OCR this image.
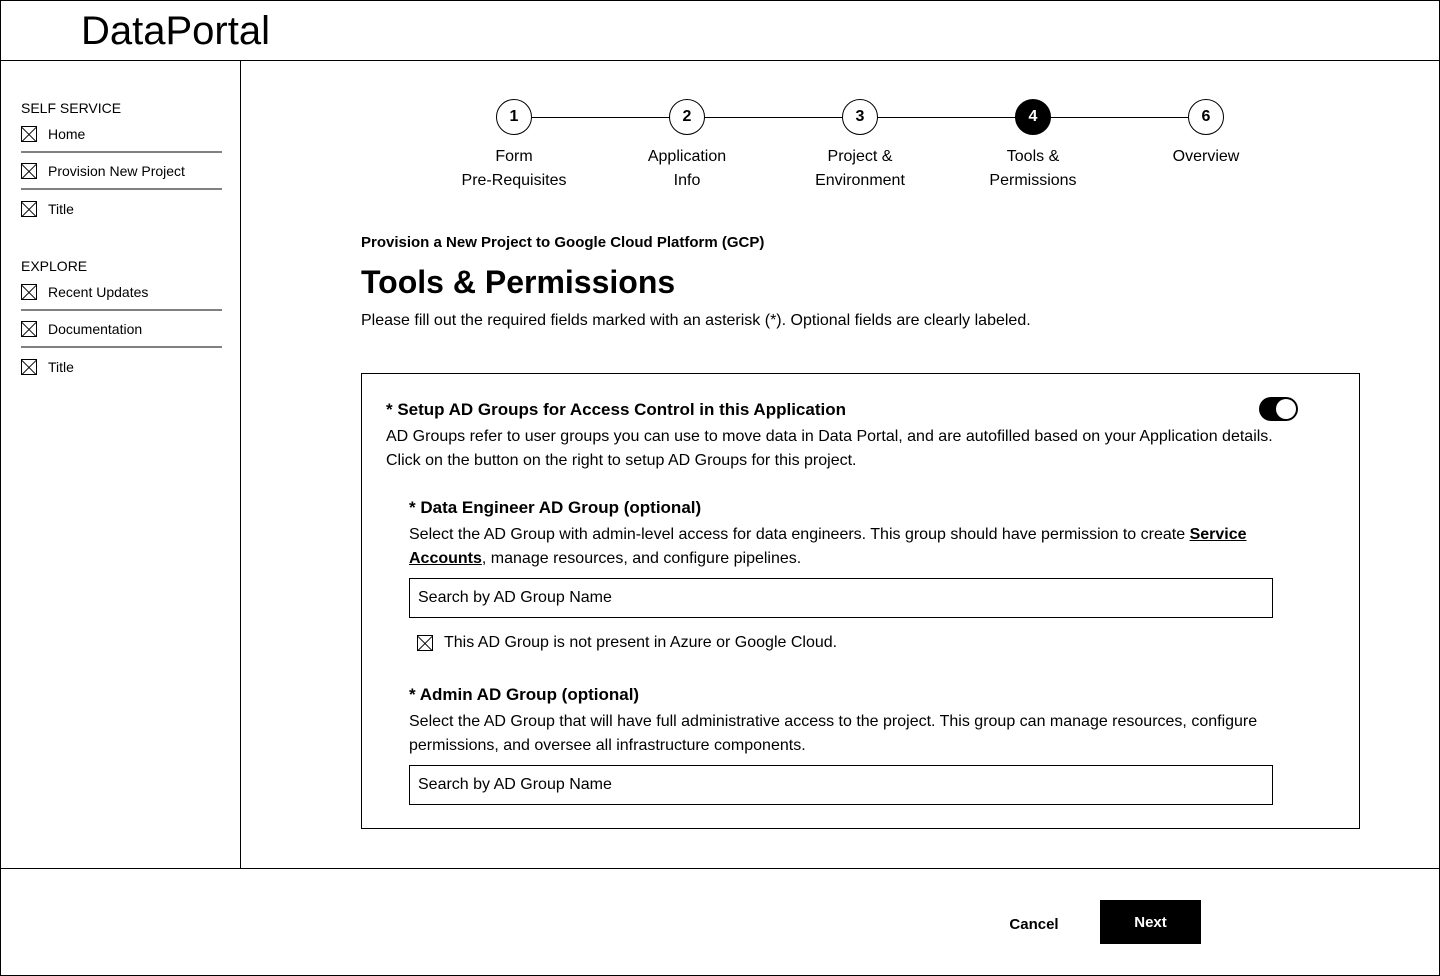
DataPortal
SELF SERVICE
Home
Provision New Project
Title
EXPLORE
Recent Updates
Documentation
Title
1
Form
Pre-Requisites
2
Application
Info
3
Project &
Environment
4
Tools &
Permissions
6
Overview
Provision a New Project to Google Cloud Platform (GCP)
Tools & Permissions
Please fill out the required fields marked with an asterisk (*). Optional fields are clearly labeled.
* Setup AD Groups for Access Control in this Application
AD Groups refer to user groups you can use to move data in Data Portal, and are autofilled based on your Application details. Click on the button on the right to setup AD Groups for this project.
* Data Engineer AD Group (optional)
Select the AD Group with admin-level access for data engineers. This group should have permission to create Service Accounts, manage resources, and configure pipelines.
Search by AD Group Name
This AD Group is not present in Azure or Google Cloud.
* Admin AD Group (optional)
Select the AD Group that will have full administrative access to the project. This group can manage resources, configure permissions, and oversee all infrastructure components.
Search by AD Group Name
Cancel	Next
